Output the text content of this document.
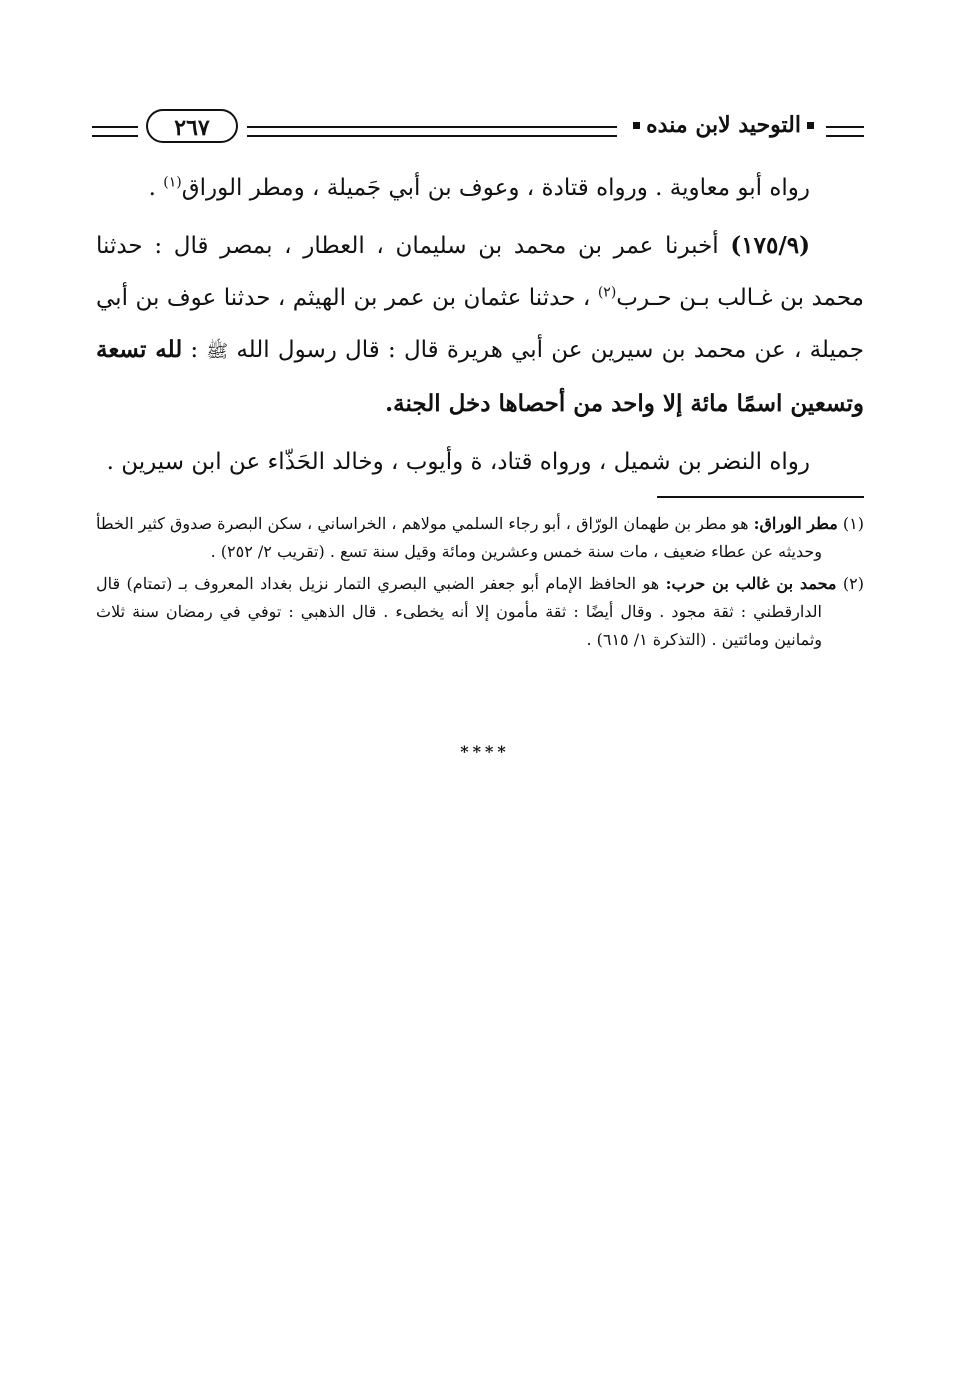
التوحيد لابن منده
٢٦٧

رواه أبو معاوية . ورواه قتادة ، وعوف بن أبي جَميلة ، ومطر الوراق$^{(١)}$ .

(١٧٥/٩) أخبرنا عمر بن محمد بن سليمان ، العطار ، بمصر قال : حدثنا محمد بن غـالب بـن حـرب$^{(٢)}$ ، حدثنا عثمان بن عمر بن الهيثم ، حدثنا عوف بن أبي جميلة ، عن محمد بن سيرين عن أبي هريرة قال : قال رسول الله ﷺ : لله تسعة وتسعين اسمًا مائة إلا واحد من أحصاها دخل الجنة.

رواه النضر بن شميل ، ورواه قتاد، ة وأيوب ، وخالد الحَذّاء عن ابن سيرين .

(١) مطر الوراق: هو مطر بن طهمان الورّاق ، أبو رجاء السلمي مولاهم ، الخراساني ، سكن البصرة صدوق كثير الخطأ وحديثه عن عطاء ضعيف ، مات سنة خمس وعشرين ومائة وقيل سنة تسع . (تقريب ٢/ ٢٥٢) .

(٢) محمد بن غالب بن حرب: هو الحافظ الإمام أبو جعفر الضبي البصري التمار نزيل بغداد المعروف بـ (تمتام) قال الدارقطني : ثقة مجود . وقال أيضًا : ثقة مأمون إلا أنه يخطىء . قال الذهبي : توفي في رمضان سنة ثلاث وثمانين ومائتين . (التذكرة ١/ ٦١٥) .

****
